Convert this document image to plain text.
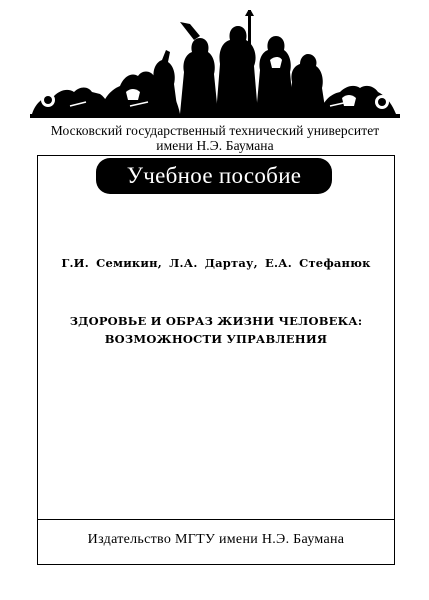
Московский государственный технический университет
имени Н.Э. Баумана
Учебное пособие
Г.И. Семикин, Л.А. Дартау, Е.А. Стефанюк
ЗДОРОВЬЕ И ОБРАЗ ЖИЗНИ ЧЕЛОВЕКА:
ВОЗМОЖНОСТИ УПРАВЛЕНИЯ
Издательство МГТУ имени Н.Э. Баумана
